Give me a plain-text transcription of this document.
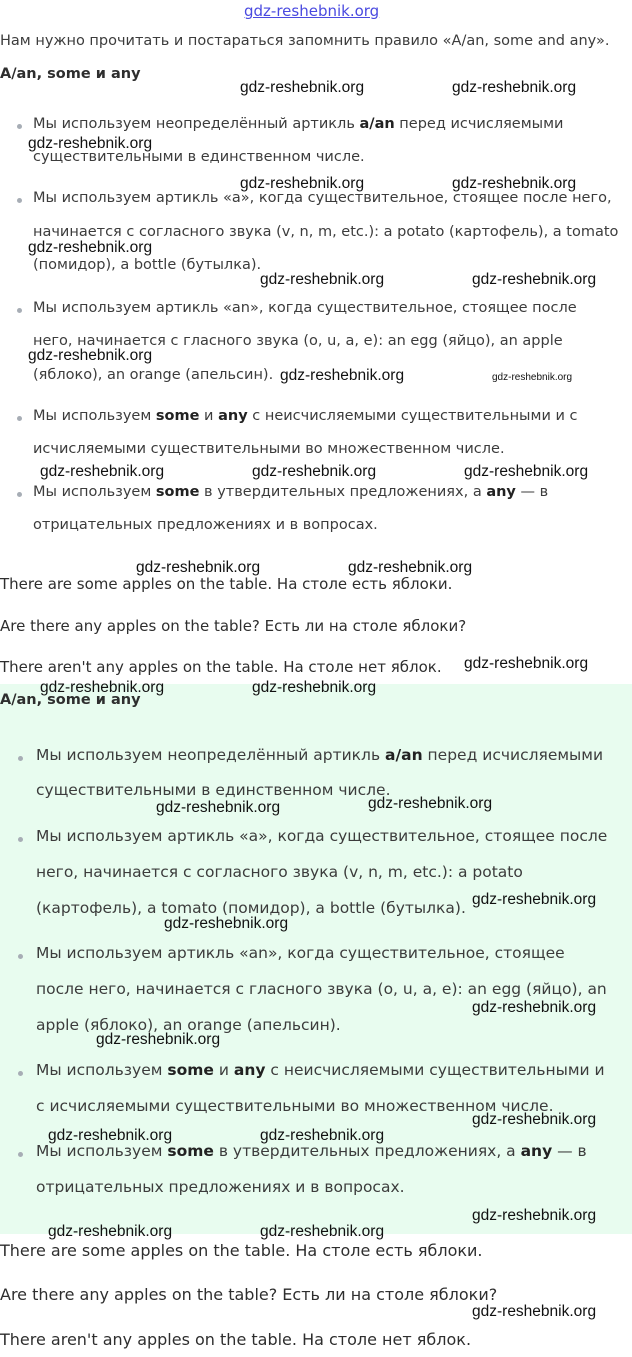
gdz-reshebnik.org
Нам нужно прочитать и постараться запомнить правило «A/an, some and any».
A/an, some и any
Мы используем неопределённый артикль a/an перед исчисляемыми
существительными в единственном числе.
Мы используем артикль «a», когда существительное, стоящее после него,
начинается с согласного звука (v, n, m, etc.): a potato (картофель), a tomato
(помидор), a bottle (бутылка).
Мы используем артикль «an», когда существительное, стоящее после
него, начинается с гласного звука (o, u, a, e): an egg (яйцо), an apple
(яблоко), an orange (апельсин).
Мы используем some и any с неисчисляемыми существительными и с
исчисляемыми существительными во множественном числе.
Мы используем some в утвердительных предложениях, а any — в
отрицательных предложениях и в вопросах.
There are some apples on the table. На столе есть яблоки.
Are there any apples on the table? Есть ли на столе яблоки?
There aren't any apples on the table. На столе нет яблок.
A/an, some и any
Мы используем неопределённый артикль a/an перед исчисляемыми
существительными в единственном числе.
Мы используем артикль «a», когда существительное, стоящее после
него, начинается с согласного звука (v, n, m, etc.): a potato
(картофель), a tomato (помидор), a bottle (бутылка).
Мы используем артикль «an», когда существительное, стоящее
после него, начинается с гласного звука (o, u, a, e): an egg (яйцо), an
apple (яблоко), an orange (апельсин).
Мы используем some и any с неисчисляемыми существительными и
с исчисляемыми существительными во множественном числе.
Мы используем some в утвердительных предложениях, а any — в
отрицательных предложениях и в вопросах.
There are some apples on the table. На столе есть яблоки.
Are there any apples on the table? Есть ли на столе яблоки?
There aren't any apples on the table. На столе нет яблок.
gdz-reshebnik.org	gdz-reshebnik.org
gdz-reshebnik.org
gdz-reshebnik.org	gdz-reshebnik.org
gdz-reshebnik.org
gdz-reshebnik.org	gdz-reshebnik.org
gdz-reshebnik.org
gdz-reshebnik.org	gdz-reshebnik.org
gdz-reshebnik.org	gdz-reshebnik.org	gdz-reshebnik.org
gdz-reshebnik.org	gdz-reshebnik.org
gdz-reshebnik.org
gdz-reshebnik.org	gdz-reshebnik.org
gdz-reshebnik.org	gdz-reshebnik.org
gdz-reshebnik.org
gdz-reshebnik.org
gdz-reshebnik.org
gdz-reshebnik.org
gdz-reshebnik.org
gdz-reshebnik.org	gdz-reshebnik.org
gdz-reshebnik.org
gdz-reshebnik.org	gdz-reshebnik.org
gdz-reshebnik.org
